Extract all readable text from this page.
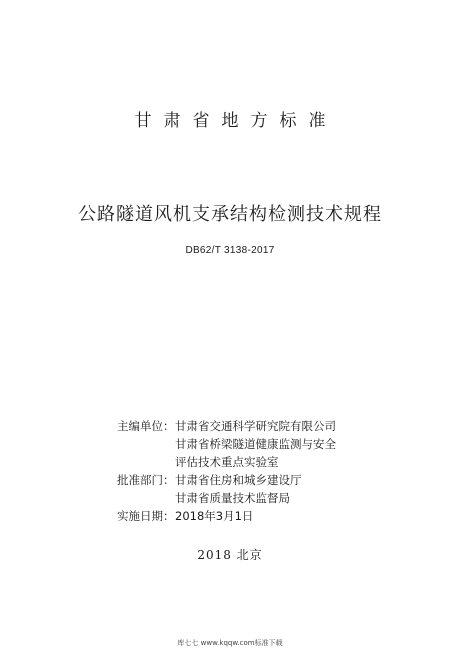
甘肃省地方标准
公路隧道风机支承结构检测技术规程
DB62/T 3138-2017
主编单位： 甘肃省交通科学研究院有限公司
甘肃省桥梁隧道健康监测与安全
评估技术重点实验室
批准部门： 甘肃省住房和城乡建设厅
甘肃省质量技术监督局
实施日期： 2018年3月1日
2018 北京
库七七 www.kqqw.com标准下载
